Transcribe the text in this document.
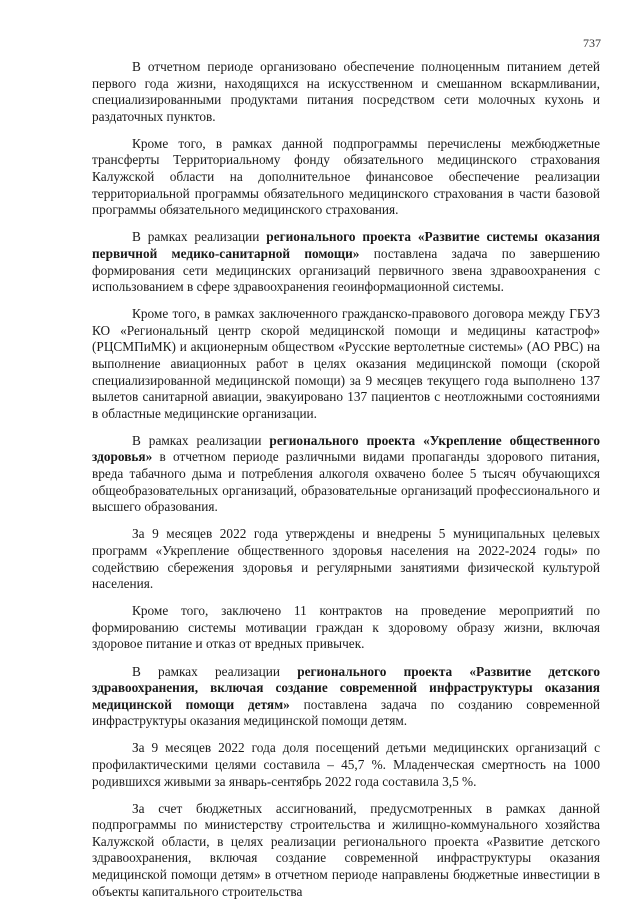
737

В отчетном периоде организовано обеспечение полноценным питанием детей первого года жизни, находящихся на искусственном и смешанном вскармливании, специализированными продуктами питания посредством сети молочных кухонь и раздаточных пунктов.

Кроме того, в рамках данной подпрограммы перечислены межбюджетные трансферты Территориальному фонду обязательного медицинского страхования Калужской области на дополнительное финансовое обеспечение реализации территориальной программы обязательного медицинского страхования в части базовой программы обязательного медицинского страхования.

В рамках реализации регионального проекта «Развитие системы оказания первичной медико-санитарной помощи» поставлена задача по завершению формирования сети медицинских организаций первичного звена здравоохранения с использованием в сфере здравоохранения геоинформационной системы.

Кроме того, в рамках заключенного гражданско-правового договора между ГБУЗ КО «Региональный центр скорой медицинской помощи и медицины катастроф» (РЦСМПиМК) и акционерным обществом «Русские вертолетные системы» (АО РВС) на выполнение авиационных работ в целях оказания медицинской помощи (скорой специализированной медицинской помощи) за 9 месяцев текущего года выполнено 137 вылетов санитарной авиации, эвакуировано 137 пациентов с неотложными состояниями в областные медицинские организации.

В рамках реализации регионального проекта «Укрепление общественного здоровья» в отчетном периоде различными видами пропаганды здорового питания, вреда табачного дыма и потребления алкоголя охвачено более 5 тысяч обучающихся общеобразовательных организаций, образовательные организаций профессионального и высшего образования.

За 9 месяцев 2022 года утверждены и внедрены 5 муниципальных целевых программ «Укрепление общественного здоровья населения на 2022-2024 годы» по содействию сбережения здоровья и регулярными занятиями физической культурой населения.

Кроме того, заключено 11 контрактов на проведение мероприятий по формированию системы мотивации граждан к здоровому образу жизни, включая здоровое питание и отказ от вредных привычек.

В рамках реализации регионального проекта «Развитие детского здравоохранения, включая создание современной инфраструктуры оказания медицинской помощи детям» поставлена задача по созданию современной инфраструктуры оказания медицинской помощи детям.

За 9 месяцев 2022 года доля посещений детьми медицинских организаций с профилактическими целями составила – 45,7 %. Младенческая смертность на 1000 родившихся живыми за январь-сентябрь 2022 года составила 3,5 %.

За счет бюджетных ассигнований, предусмотренных в рамках данной подпрограммы по министерству строительства и жилищно-коммунального хозяйства Калужской области, в целях реализации регионального проекта «Развитие детского здравоохранения, включая создание современной инфраструктуры оказания медицинской помощи детям» в отчетном периоде направлены бюджетные инвестиции в объекты капитального строительства
